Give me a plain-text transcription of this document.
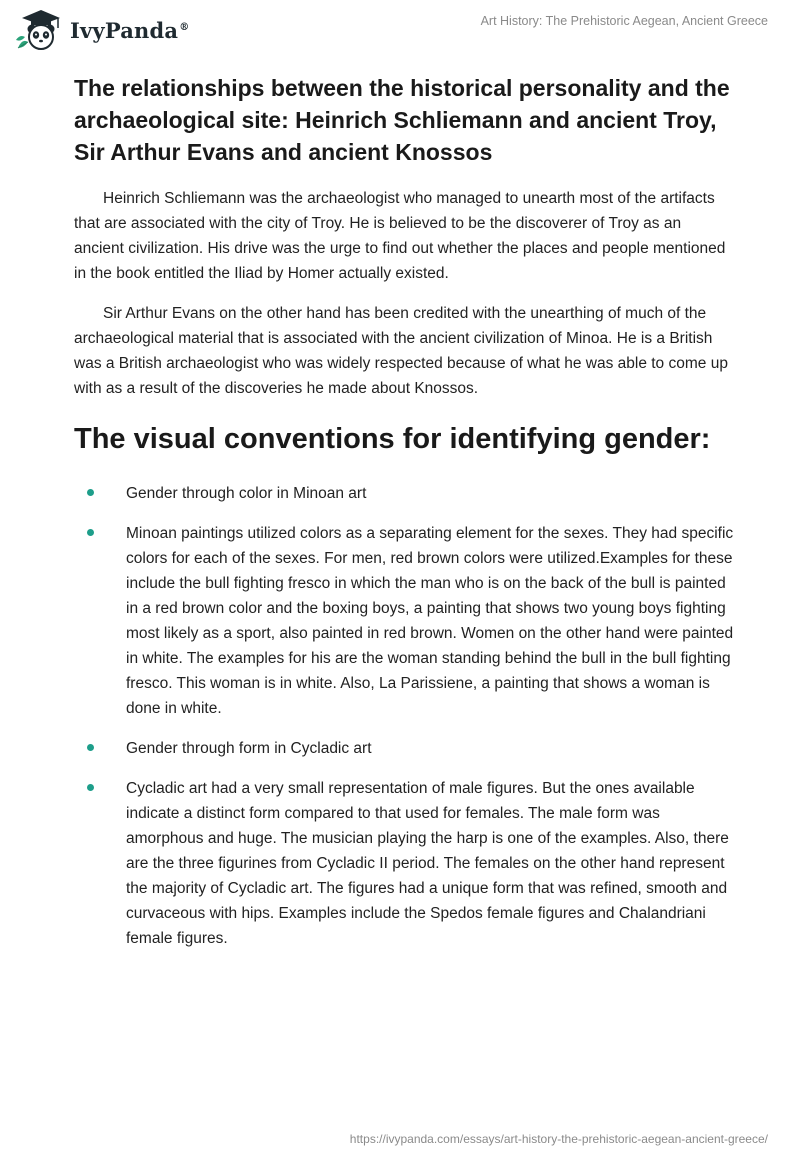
IvyPanda®	Art History: The Prehistoric Aegean, Ancient Greece
The relationships between the historical personality and the archaeological site: Heinrich Schliemann and ancient Troy, Sir Arthur Evans and ancient Knossos

Heinrich Schliemann was the archaeologist who managed to unearth most of the artifacts that are associated with the city of Troy. He is believed to be the discoverer of Troy as an ancient civilization. His drive was the urge to find out whether the places and people mentioned in the book entitled the Iliad by Homer actually existed.

Sir Arthur Evans on the other hand has been credited with the unearthing of much of the archaeological material that is associated with the ancient civilization of Minoa. He is a British was a British archaeologist who was widely respected because of what he was able to come up with as a result of the discoveries he made about Knossos.

The visual conventions for identifying gender:
Gender through color in Minoan art
Minoan paintings utilized colors as a separating element for the sexes. They had specific colors for each of the sexes. For men, red brown colors were utilized.Examples for these include the bull fighting fresco in which the man who is on the back of the bull is painted in a red brown color and the boxing boys, a painting that shows two young boys fighting most likely as a sport, also painted in red brown. Women on the other hand were painted in white. The examples for his are the woman standing behind the bull in the bull fighting fresco. This woman is in white. Also, La Parissiene, a painting that shows a woman is done in white.
Gender through form in Cycladic art
Cycladic art had a very small representation of male figures. But the ones available indicate a distinct form compared to that used for females. The male form was amorphous and huge. The musician playing the harp is one of the examples. Also, there are the three figurines from Cycladic II period. The females on the other hand represent the majority of Cycladic art. The figures had a unique form that was refined, smooth and curvaceous with hips. Examples include the Spedos female figures and Chalandriani female figures.
https://ivypanda.com/essays/art-history-the-prehistoric-aegean-ancient-greece/
